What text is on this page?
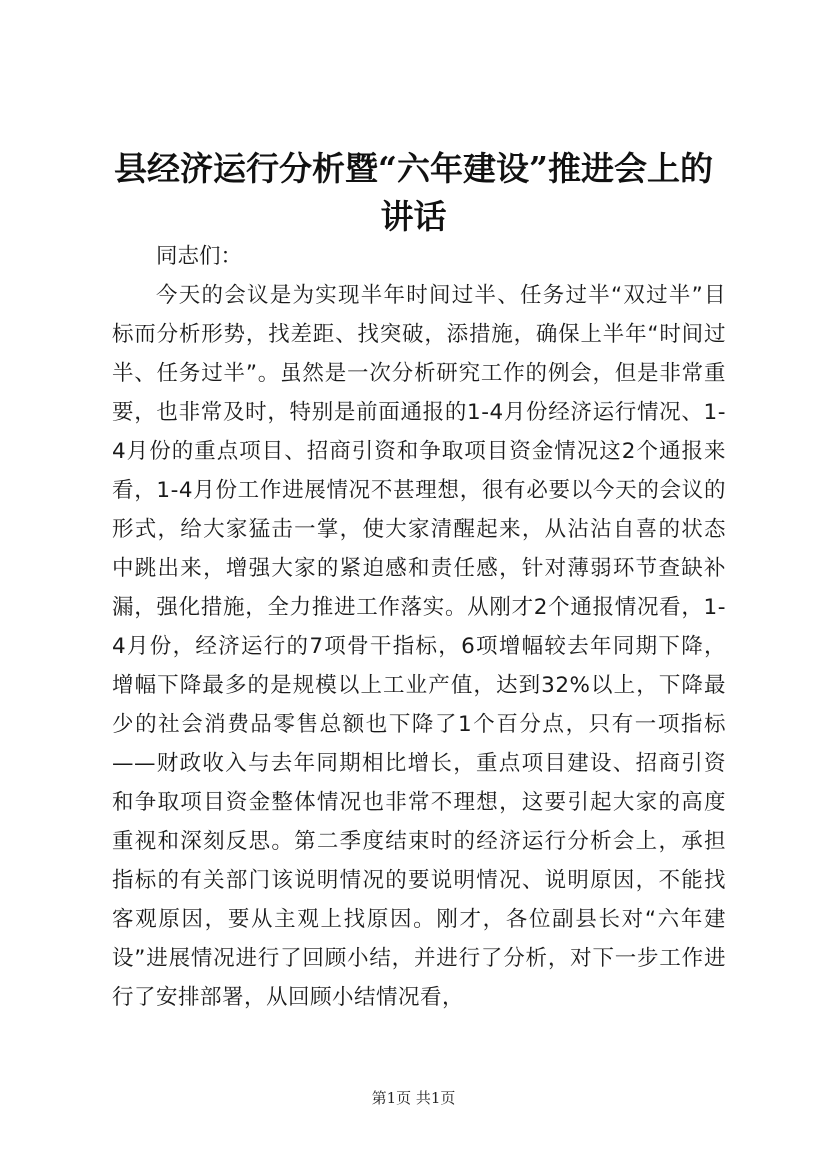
县经济运行分析暨“六年建设”推进会上的讲话

同志们：

今天的会议是为实现半年时间过半、任务过半“双过半”目标而分析形势，找差距、找突破，添措施，确保上半年“时间过半、任务过半”。虽然是一次分析研究工作的例会，但是非常重要，也非常及时，特别是前面通报的1-4月份经济运行情况、1-4月份的重点项目、招商引资和争取项目资金情况这2个通报来看，1-4月份工作进展情况不甚理想，很有必要以今天的会议的形式，给大家猛击一掌，使大家清醒起来，从沾沾自喜的状态中跳出来，增强大家的紧迫感和责任感，针对薄弱环节查缺补漏，强化措施，全力推进工作落实。从刚才2个通报情况看，1-4月份，经济运行的7项骨干指标，6项增幅较去年同期下降，增幅下降最多的是规模以上工业产值，达到32%以上，下降最少的社会消费品零售总额也下降了1个百分点，只有一项指标——财政收入与去年同期相比增长，重点项目建设、招商引资和争取项目资金整体情况也非常不理想，这要引起大家的高度重视和深刻反思。第二季度结束时的经济运行分析会上，承担指标的有关部门该说明情况的要说明情况、说明原因，不能找客观原因，要从主观上找原因。刚才，各位副县长对“六年建设”进展情况进行了回顾小结，并进行了分析，对下一步工作进行了安排部署，从回顾小结情况看，

第1页 共1页
